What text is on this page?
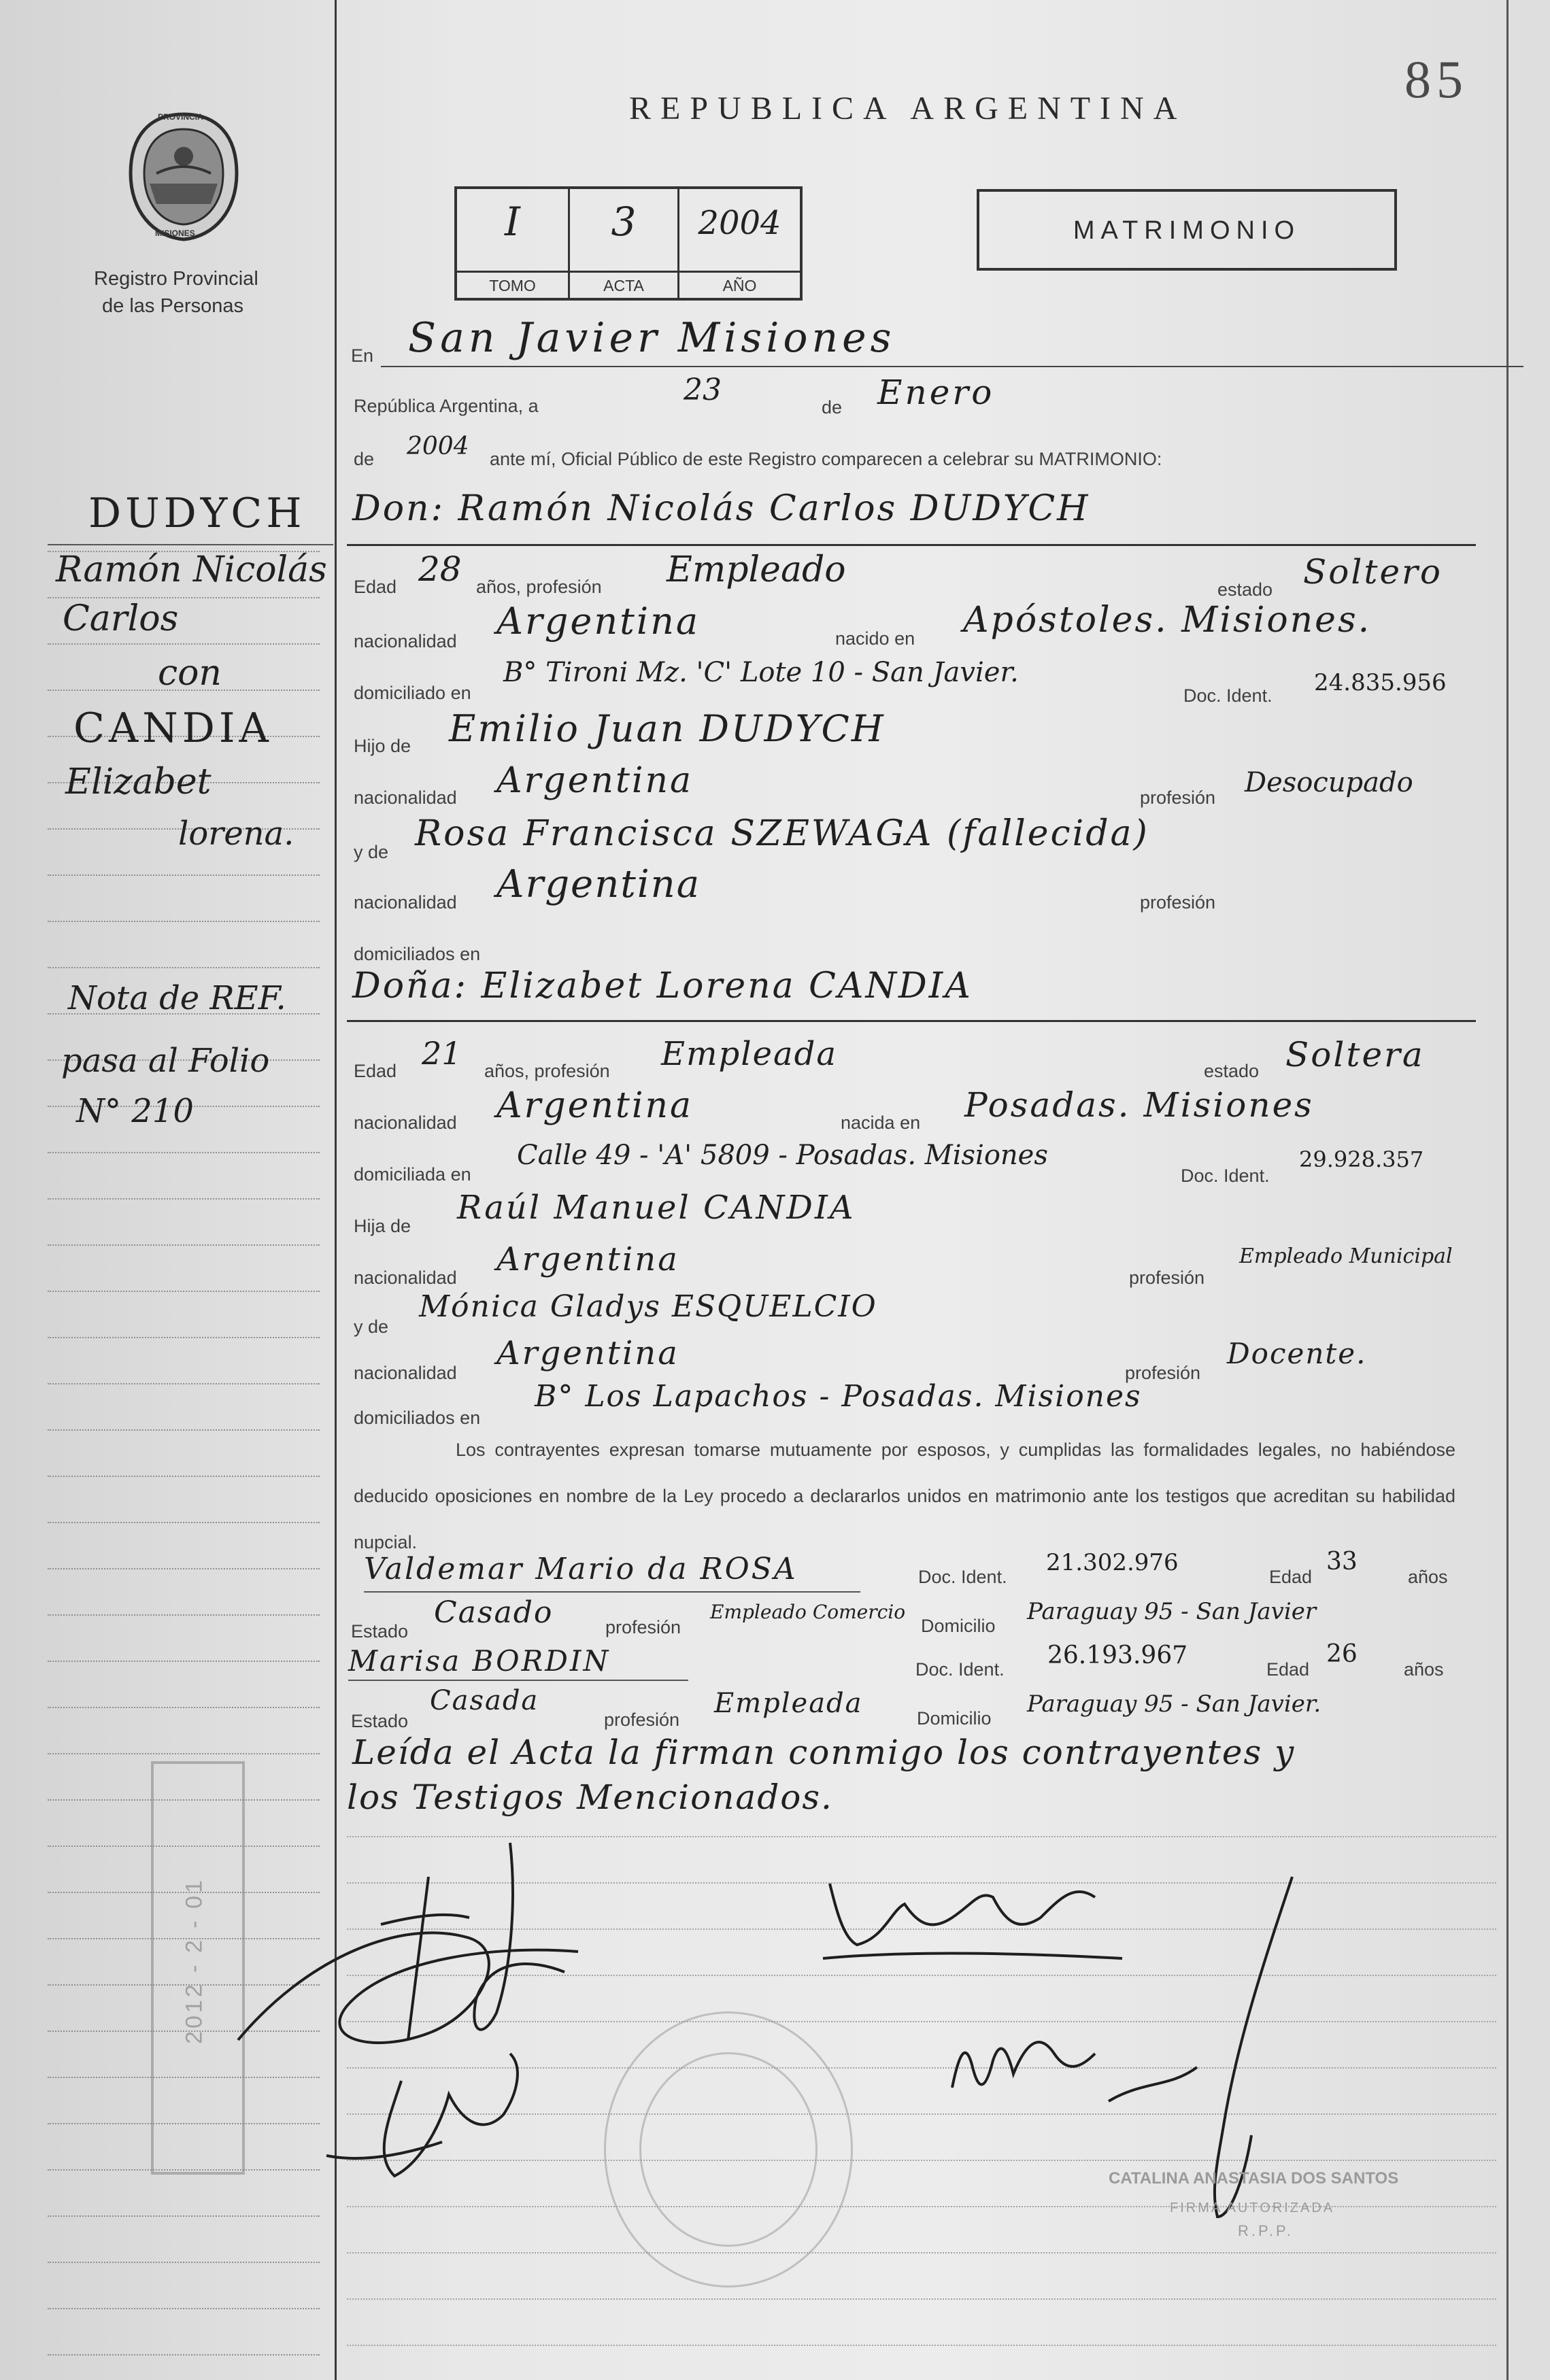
REPUBLICA ARGENTINA	85
PROVINCIA
MISIONES
Registro Provincial
de las Personas
I
TOMO
3
ACTA
2004
AÑO
MATRIMONIO
DUDYCH
Ramón Nicolás
Carlos
con
CANDIA
Elizabet
lorena.
Nota de REF.
pasa al Folio
N° 210
2012 - 2 - 01
En San Javier Misiones
República Argentina, a	23	de Enero
de 2004 ante mí, Oficial Público de este Registro comparecen a celebrar su MATRIMONIO:
Don: Ramón Nicolás Carlos DUDYCH
Edad 28 años, profesión Empleado	estado Soltero
nacionalidad Argentina	nacido en Apóstoles. Misiones.
domiciliado en
B° Tironi Mz. 'C' Lote 10 - San Javier.
Doc. Ident. 24.835.956
Hijo de Emilio Juan DUDYCH
nacionalidad Argentina	profesión Desocupado
y de Rosa Francisca SZEWAGA (fallecida)
nacionalidad Argentina	profesión
domiciliados en
Doña: Elizabet Lorena CANDIA
Edad 21 años, profesión Empleada	estado Soltera
nacionalidad Argentina	nacida en Posadas. Misiones
domiciliada en
Calle 49 - 'A' 5809 - Posadas. Misiones
Doc. Ident.
29.928.357
Hija de Raúl Manuel CANDIA
nacionalidad Argentina	profesión
Empleado Municipal
y de
Mónica Gladys ESQUELCIO
nacionalidad
Argentina
profesión
Docente.
domiciliados en
B° Los Lapachos - Posadas. Misiones
Los contrayentes expresan tomarse mutuamente por esposos, y cumplidas las formalidades legales, no habiéndose deducido oposiciones en nombre de la Ley procedo a declararlos unidos en matrimonio ante los testigos que acreditan su habilidad nupcial.
Valdemar Mario da ROSA	Doc. Ident.
21.302.976
Edad
33
años
Estado
Casado	profesión
Empleado Comercio
Domicilio
Paraguay 95 - San Javier
Marisa BORDIN	Doc. Ident. 26.193.967	Edad
26
años
Estado
Casada
profesión
Empleada	Domicilio
Paraguay 95 - San Javier.
Leída el Acta la firman conmigo los contrayentes y
los Testigos Mencionados.
CATALINA ANASTASIA DOS SANTOS
FIRMA AUTORIZADA
R.P.P.
